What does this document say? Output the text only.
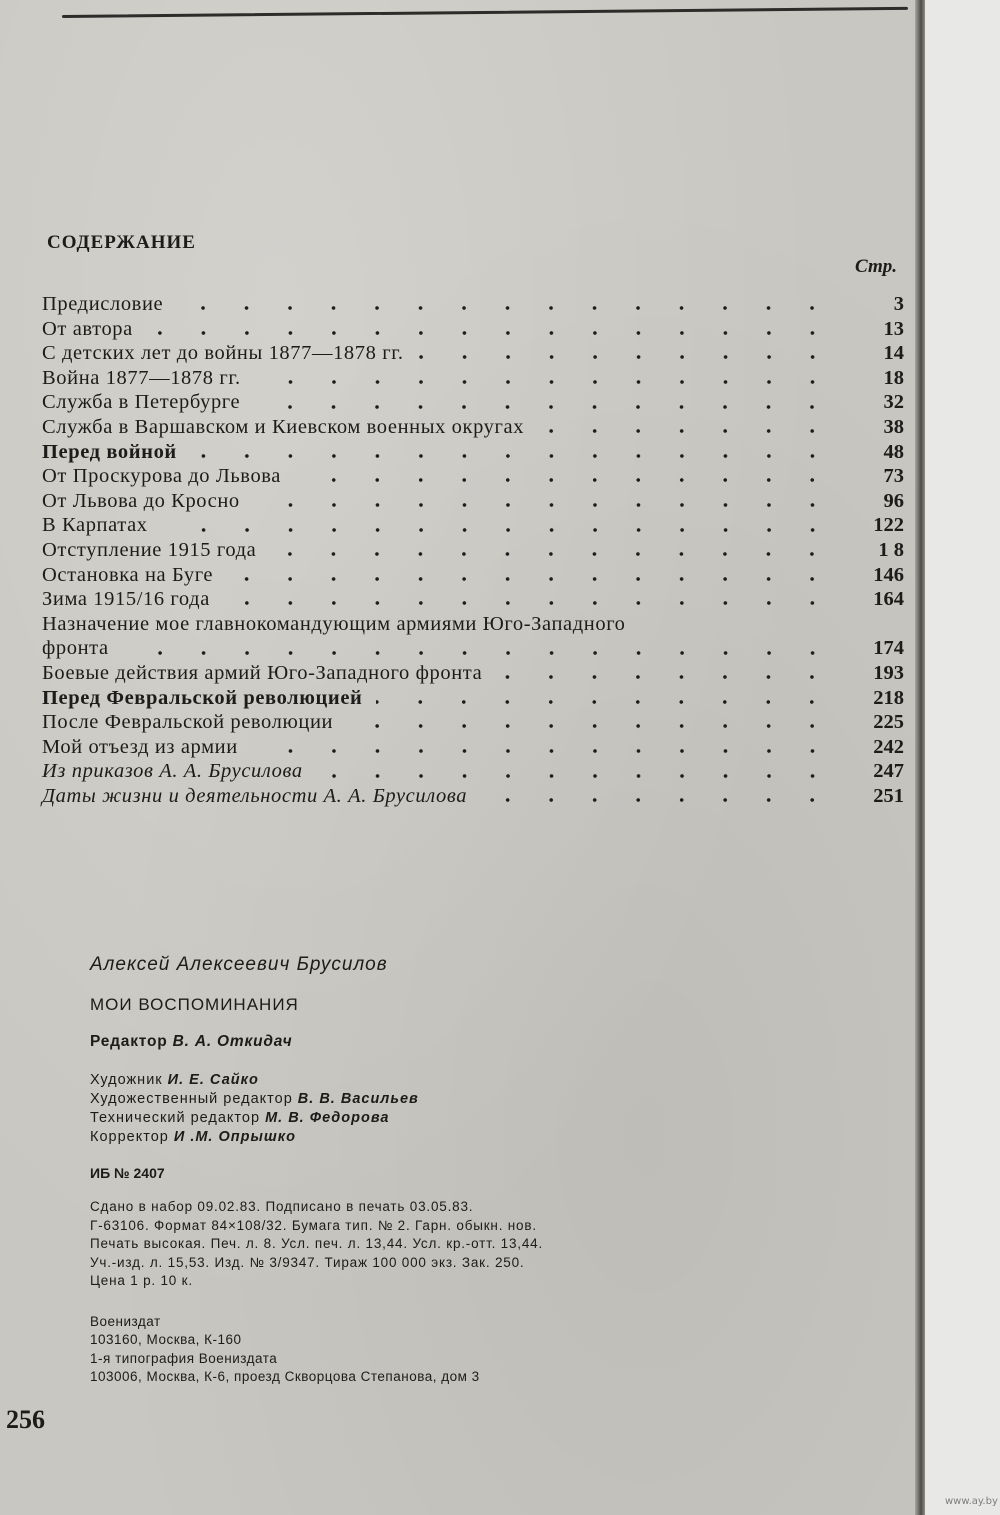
СОДЕРЖАНИЕ
Стр.
Предисловие	3
От автора	13
С детских лет до войны 1877—1878 гг.	14
Война 1877—1878 гг.	18
Служба в Петербурге	32
Служба в Варшавском и Киевском военных округах	38
Перед войной	48
От Проскурова до Львова	73
От Львова до Кросно	96
В Карпатах	122
Отступление 1915 года	1 8
Остановка на Буге	146
Зима 1915/16 года	164
Назначение мое главнокомандующим армиями Юго-Западного
фронта	174
Боевые действия армий Юго-Западного фронта	193
Перед Февральской революцией	218
После Февральской революции	225
Мой отъезд из армии	242
Из приказов А. А. Брусилова	247
Даты жизни и деятельности А. А. Брусилова	251

Алексей Алексеевич Брусилов

МОИ ВОСПОМИНАНИЯ

Редактор В. А. Откидач

Художник И. Е. Сайко
Художественный редактор В. В. Васильев
Технический редактор М. В. Федорова
Корректор И .М. Опрышко
ИБ № 2407
Сдано в набор 09.02.83. Подписано в печать 03.05.83.
Г-63106. Формат 84×108/32. Бумага тип. № 2. Гарн. обыкн. нов.
Печать высокая. Печ. л. 8. Усл. печ. л. 13,44. Усл. кр.-отт. 13,44.
Уч.-изд. л. 15,53. Изд. № 3/9347. Тираж 100 000 экз. Зак. 250.
Цена 1 р. 10 к.
Воениздат
103160, Москва, К-160
1-я типография Воениздата
103006, Москва, К-6, проезд Скворцова Степанова, дом 3
256
www.ay.by
